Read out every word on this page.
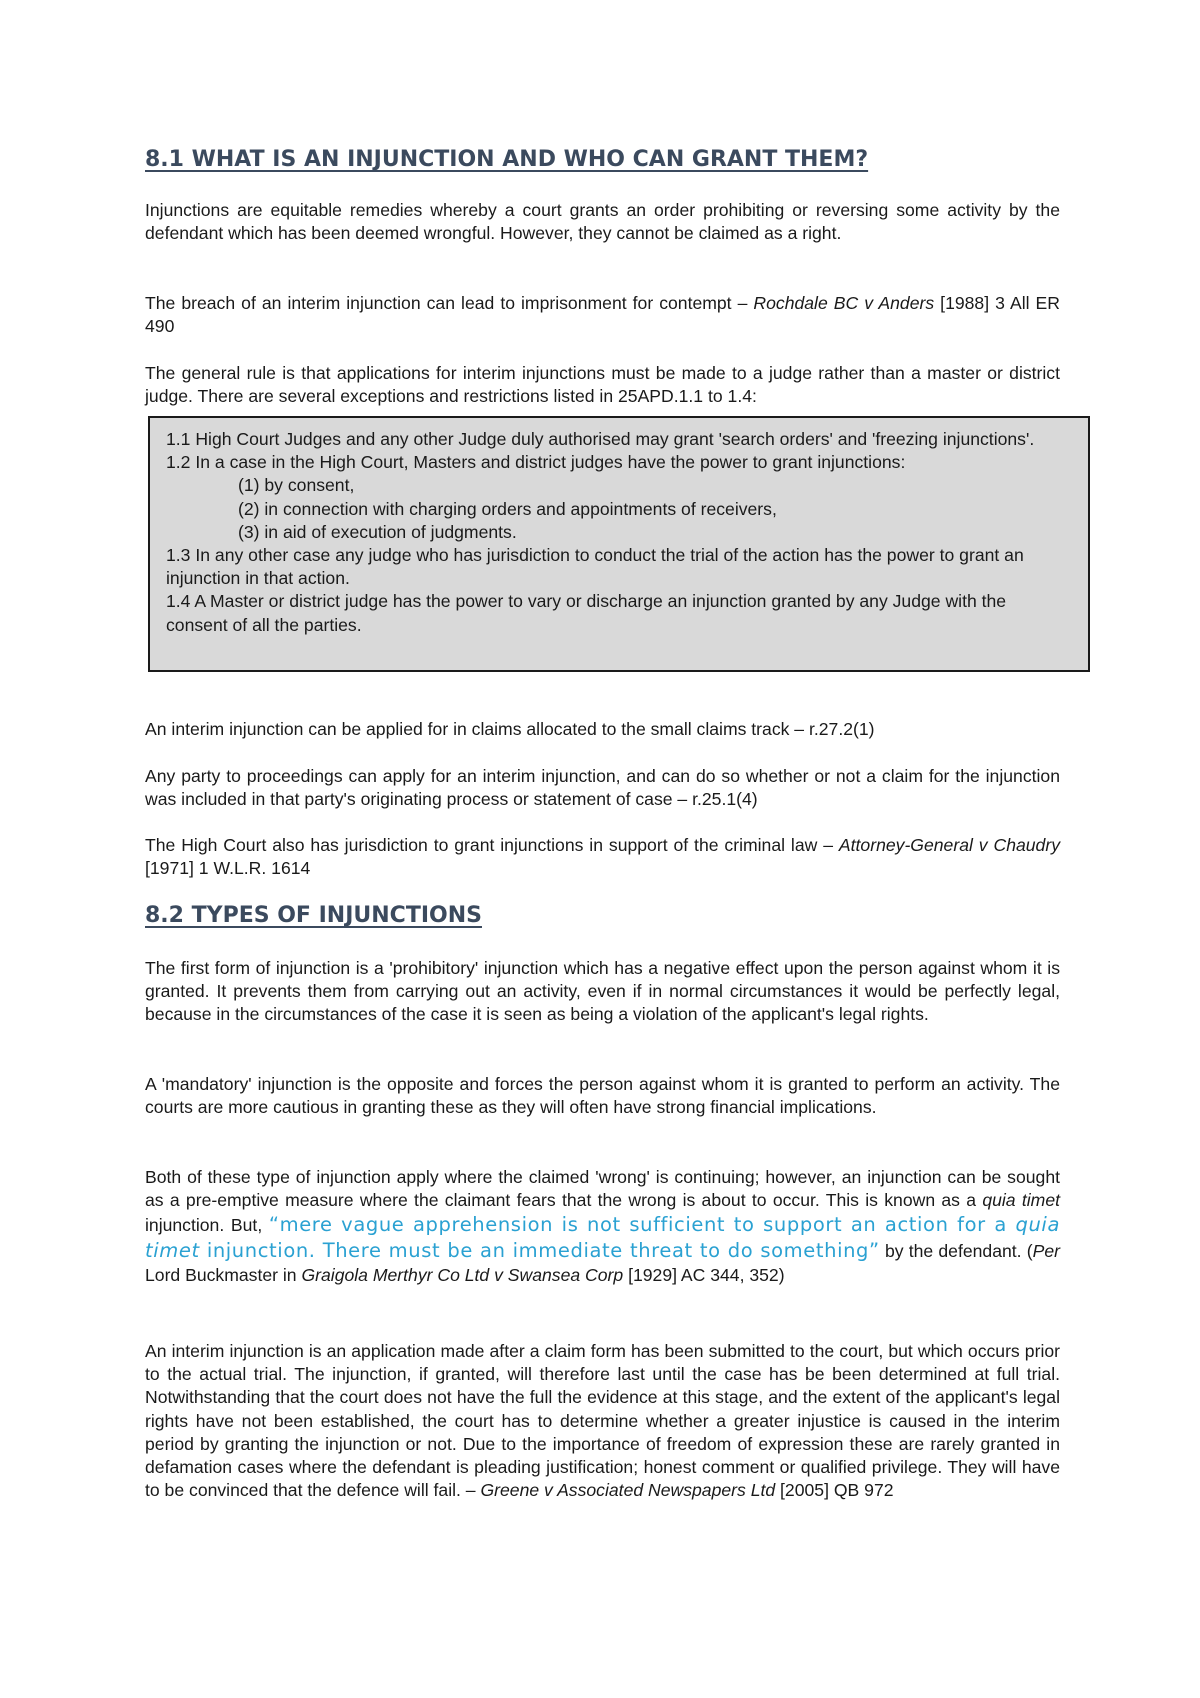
8.1 WHAT IS AN INJUNCTION AND WHO CAN GRANT THEM?

Injunctions are equitable remedies whereby a court grants an order prohibiting or reversing some activity by the defendant which has been deemed wrongful. However, they cannot be claimed as a right.

The breach of an interim injunction can lead to imprisonment for contempt – Rochdale BC v Anders [1988] 3 All ER 490

The general rule is that applications for interim injunctions must be made to a judge rather than a master or district judge. There are several exceptions and restrictions listed in 25APD.1.1 to 1.4:

1.1 High Court Judges and any other Judge duly authorised may grant 'search orders' and 'freezing injunctions'.
1.2 In a case in the High Court, Masters and district judges have the power to grant injunctions:
(1) by consent,
(2) in connection with charging orders and appointments of receivers,
(3) in aid of execution of judgments.
1.3 In any other case any judge who has jurisdiction to conduct the trial of the action has the power to grant an injunction in that action.
1.4 A Master or district judge has the power to vary or discharge an injunction granted by any Judge with the consent of all the parties.

An interim injunction can be applied for in claims allocated to the small claims track – r.27.2(1)

Any party to proceedings can apply for an interim injunction, and can do so whether or not a claim for the injunction was included in that party's originating process or statement of case – r.25.1(4)

The High Court also has jurisdiction to grant injunctions in support of the criminal law – Attorney-General v Chaudry [1971] 1 W.L.R. 1614

8.2 TYPES OF INJUNCTIONS

The first form of injunction is a 'prohibitory' injunction which has a negative effect upon the person against whom it is granted. It prevents them from carrying out an activity, even if in normal circumstances it would be perfectly legal, because in the circumstances of the case it is seen as being a violation of the applicant's legal rights.

A 'mandatory' injunction is the opposite and forces the person against whom it is granted to perform an activity. The courts are more cautious in granting these as they will often have strong financial implications.

Both of these type of injunction apply where the claimed 'wrong' is continuing; however, an injunction can be sought as a pre-emptive measure where the claimant fears that the wrong is about to occur. This is known as a quia timet injunction. But, “mere vague apprehension is not sufficient to support an action for a quia timet injunction. There must be an immediate threat to do something” by the defendant. (Per Lord Buckmaster in Graigola Merthyr Co Ltd v Swansea Corp [1929] AC 344, 352)

An interim injunction is an application made after a claim form has been submitted to the court, but which occurs prior to the actual trial. The injunction, if granted, will therefore last until the case has be been determined at full trial. Notwithstanding that the court does not have the full the evidence at this stage, and the extent of the applicant's legal rights have not been established, the court has to determine whether a greater injustice is caused in the interim period by granting the injunction or not. Due to the importance of freedom of expression these are rarely granted in defamation cases where the defendant is pleading justification; honest comment or qualified privilege. They will have to be convinced that the defence will fail. – Greene v Associated Newspapers Ltd [2005] QB 972
